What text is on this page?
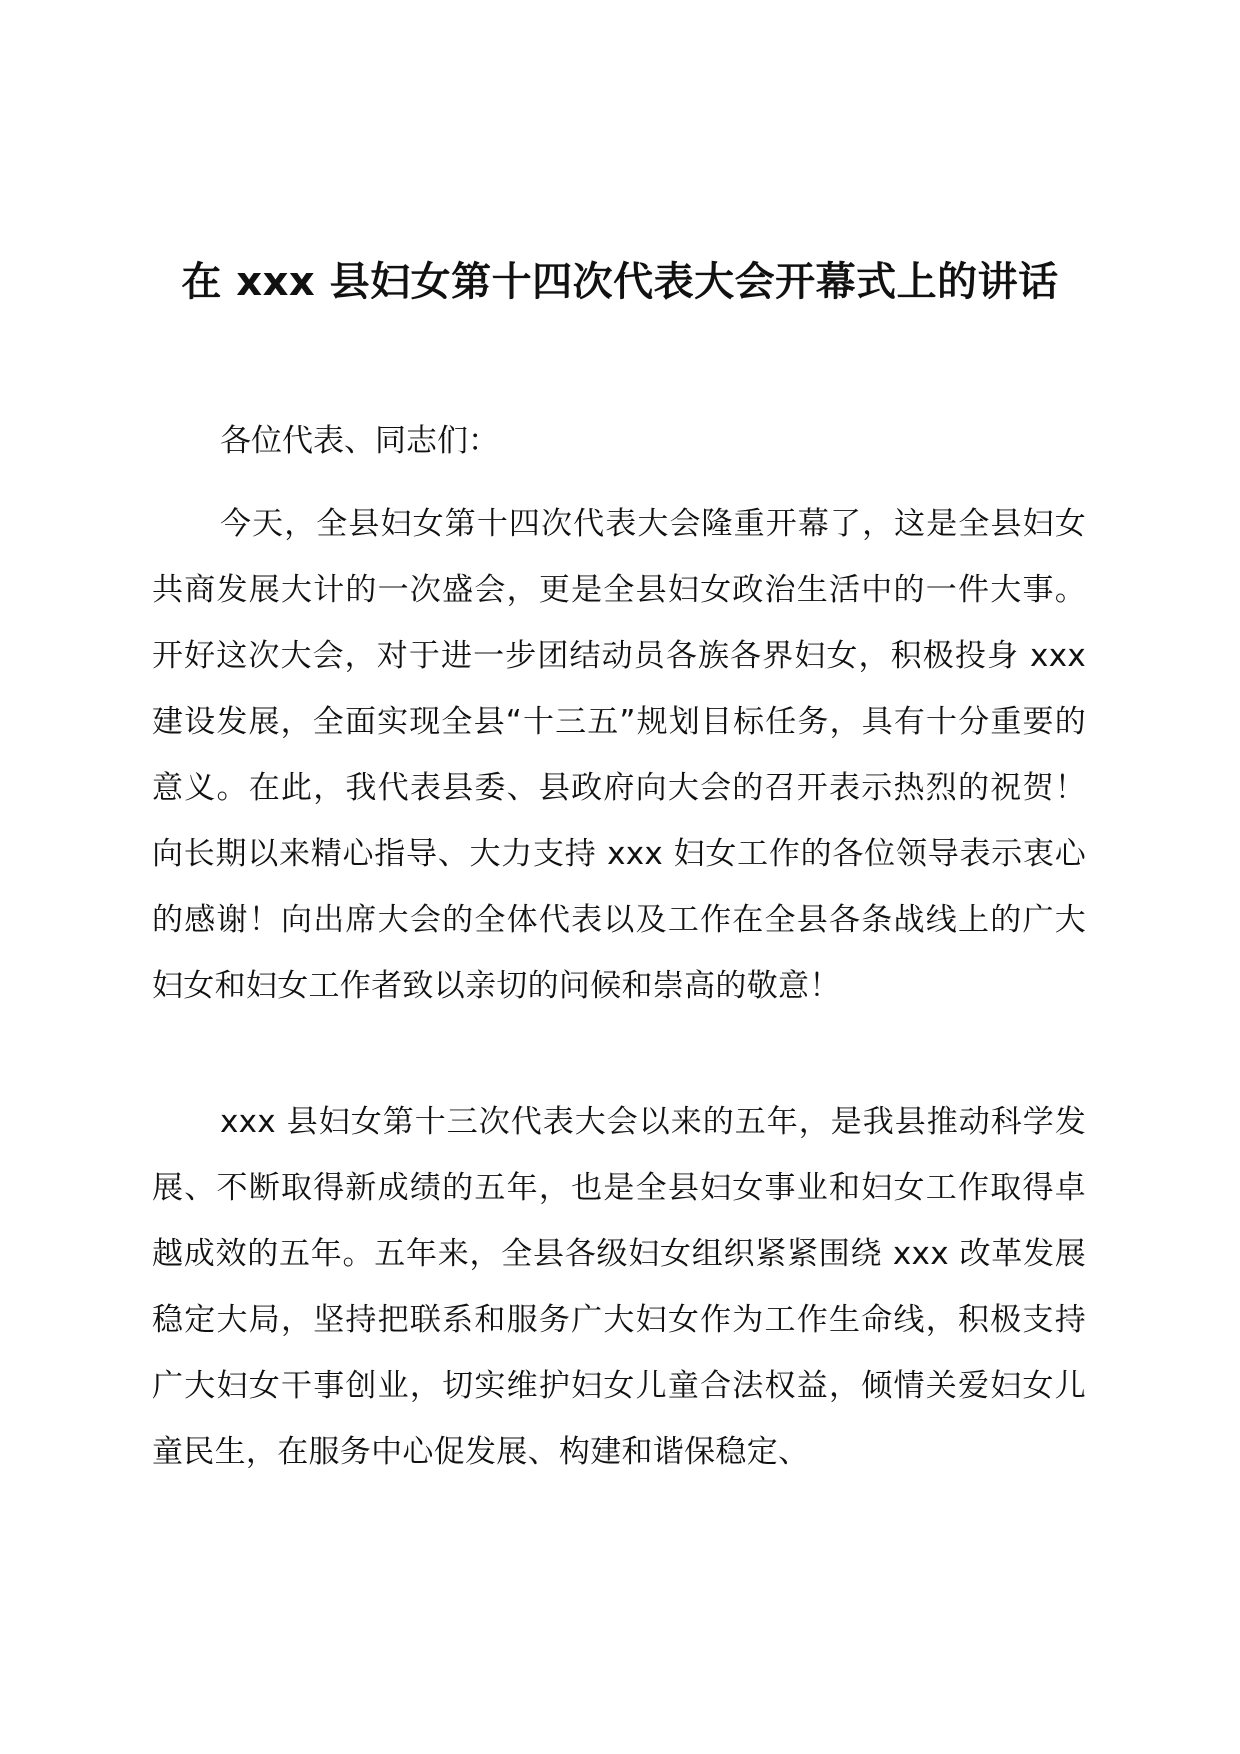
在 xxx 县妇女第十四次代表大会开幕式上的讲话

各位代表、同志们：

今天，全县妇女第十四次代表大会隆重开幕了，这是全县妇女共商发展大计的一次盛会，更是全县妇女政治生活中的一件大事。开好这次大会，对于进一步团结动员各族各界妇女，积极投身 xxx 建设发展，全面实现全县“十三五”规划目标任务，具有十分重要的意义。在此，我代表县委、县政府向大会的召开表示热烈的祝贺！向长期以来精心指导、大力支持 xxx 妇女工作的各位领导表示衷心的感谢！向出席大会的全体代表以及工作在全县各条战线上的广大妇女和妇女工作者致以亲切的问候和崇高的敬意！

xxx 县妇女第十三次代表大会以来的五年，是我县推动科学发展、不断取得新成绩的五年，也是全县妇女事业和妇女工作取得卓越成效的五年。五年来，全县各级妇女组织紧紧围绕 xxx 改革发展稳定大局，坚持把联系和服务广大妇女作为工作生命线，积极支持广大妇女干事创业，切实维护妇女儿童合法权益，倾情关爱妇女儿童民生，在服务中心促发展、构建和谐保稳定、
